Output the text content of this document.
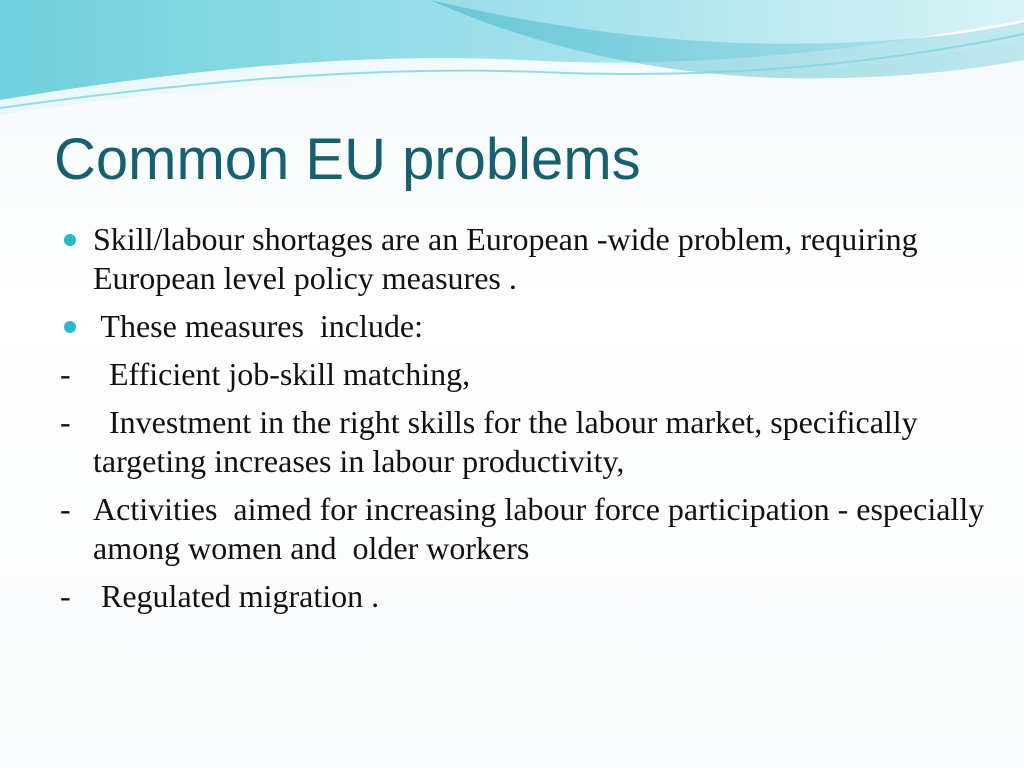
Common EU problems
Skill/labour shortages are an European -wide problem, requiring European level policy measures .
These measures  include:
- Efficient job-skill matching,
- Investment in the right skills for the labour market, specifically targeting increases in labour productivity,
- Activities  aimed for increasing labour force participation - especially among women and  older workers
- Regulated migration .
